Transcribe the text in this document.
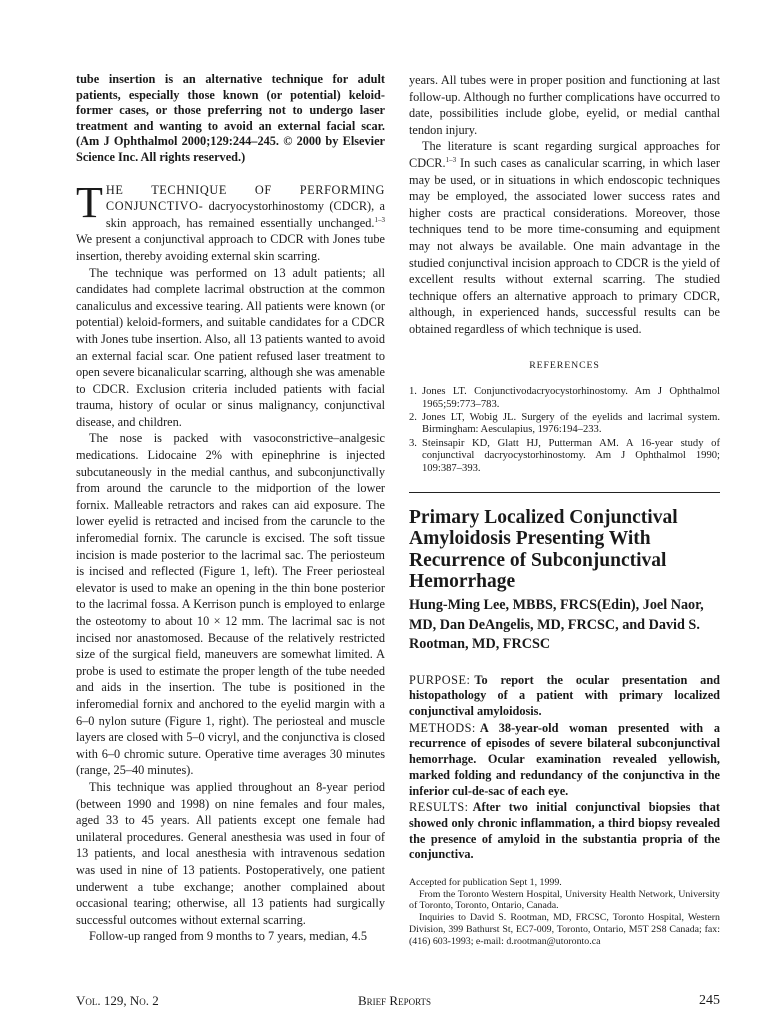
tube insertion is an alternative technique for adult patients, especially those known (or potential) keloid-former cases, or those preferring not to undergo laser treatment and wanting to avoid an external facial scar. (Am J Ophthalmol 2000;129:244–245. © 2000 by Elsevier Science Inc. All rights reserved.)

THE TECHNIQUE OF PERFORMING CONJUNCTIVO- dacryocystorhinostomy (CDCR), a skin approach, has remained essentially unchanged.$^{1-3}$ We present a conjunctival approach to CDCR with Jones tube insertion, thereby avoiding external skin scarring.

The technique was performed on 13 adult patients; all candidates had complete lacrimal obstruction at the common canaliculus and excessive tearing. All patients were known (or potential) keloid-formers, and suitable candidates for a CDCR with Jones tube insertion. Also, all 13 patients wanted to avoid an external facial scar. One patient refused laser treatment to open severe bicanalicular scarring, although she was amenable to CDCR. Exclusion criteria included patients with facial trauma, history of ocular or sinus malignancy, conjunctival disease, and children.

The nose is packed with vasoconstrictive–analgesic medications. Lidocaine 2% with epinephrine is injected subcutaneously in the medial canthus, and subconjunctivally from around the caruncle to the midportion of the lower fornix. Malleable retractors and rakes can aid exposure. The lower eyelid is retracted and incised from the caruncle to the inferomedial fornix. The caruncle is excised. The soft tissue incision is made posterior to the lacrimal sac. The periosteum is incised and reflected (Figure 1, left). The Freer periosteal elevator is used to make an opening in the thin bone posterior to the lacrimal fossa. A Kerrison punch is employed to enlarge the osteotomy to about 10 × 12 mm. The lacrimal sac is not incised nor anastomosed. Because of the relatively restricted size of the surgical field, maneuvers are somewhat limited. A probe is used to estimate the proper length of the tube needed and aids in the insertion. The tube is positioned in the inferomedial fornix and anchored to the eyelid margin with a 6–0 nylon suture (Figure 1, right). The periosteal and muscle layers are closed with 5–0 vicryl, and the conjunctiva is closed with 6–0 chromic suture. Operative time averages 30 minutes (range, 25–40 minutes).

This technique was applied throughout an 8-year period (between 1990 and 1998) on nine females and four males, aged 33 to 45 years. All patients except one female had unilateral procedures. General anesthesia was used in four of 13 patients, and local anesthesia with intravenous sedation was used in nine of 13 patients. Postoperatively, one patient underwent a tube exchange; another complained about occasional tearing; otherwise, all 13 patients had surgically successful outcomes without external scarring.

Follow-up ranged from 9 months to 7 years, median, 4.5

years. All tubes were in proper position and functioning at last follow-up. Although no further complications have occurred to date, possibilities include globe, eyelid, or medial canthal tendon injury.

The literature is scant regarding surgical approaches for CDCR.$^{1-3}$ In such cases as canalicular scarring, in which laser may be used, or in situations in which endoscopic techniques may be employed, the associated lower success rates and higher costs are practical considerations. Moreover, those techniques tend to be more time-consuming and equipment may not always be available. One main advantage in the studied conjunctival incision approach to CDCR is the yield of excellent results without external scarring. The studied technique offers an alternative approach to primary CDCR, although, in experienced hands, successful results can be obtained regardless of which technique is used.

REFERENCES
1. Jones LT. Conjunctivodacryocystorhinostomy. Am J Ophthalmol 1965;59:773–783.
2. Jones LT, Wobig JL. Surgery of the eyelids and lacrimal system. Birmingham: Aesculapius, 1976:194–233.
3. Steinsapir KD, Glatt HJ, Putterman AM. A 16-year study of conjunctival dacryocystorhinostomy. Am J Ophthalmol 1990; 109:387–393.
Primary Localized Conjunctival Amyloidosis Presenting With Recurrence of Subconjunctival Hemorrhage
Hung-Ming Lee, MBBS, FRCS(Edin), Joel Naor, MD, Dan DeAngelis, MD, FRCSC, and David S. Rootman, MD, FRCSC

PURPOSE: To report the ocular presentation and histopathology of a patient with primary localized conjunctival amyloidosis.

METHODS: A 38-year-old woman presented with a recurrence of episodes of severe bilateral subconjunctival hemorrhage. Ocular examination revealed yellowish, marked folding and redundancy of the conjunctiva in the inferior cul-de-sac of each eye.

RESULTS: After two initial conjunctival biopsies that showed only chronic inflammation, a third biopsy revealed the presence of amyloid in the substantia propria of the conjunctiva.

Accepted for publication Sept 1, 1999.

From the Toronto Western Hospital, University Health Network, University of Toronto, Toronto, Ontario, Canada.

Inquiries to David S. Rootman, MD, FRCSC, Toronto Hospital, Western Division, 399 Bathurst St, EC7-009, Toronto, Ontario, M5T 2S8 Canada; fax: (416) 603-1993; e-mail: d.rootman@utoronto.ca

Vol. 129, No. 2	Brief Reports	245
